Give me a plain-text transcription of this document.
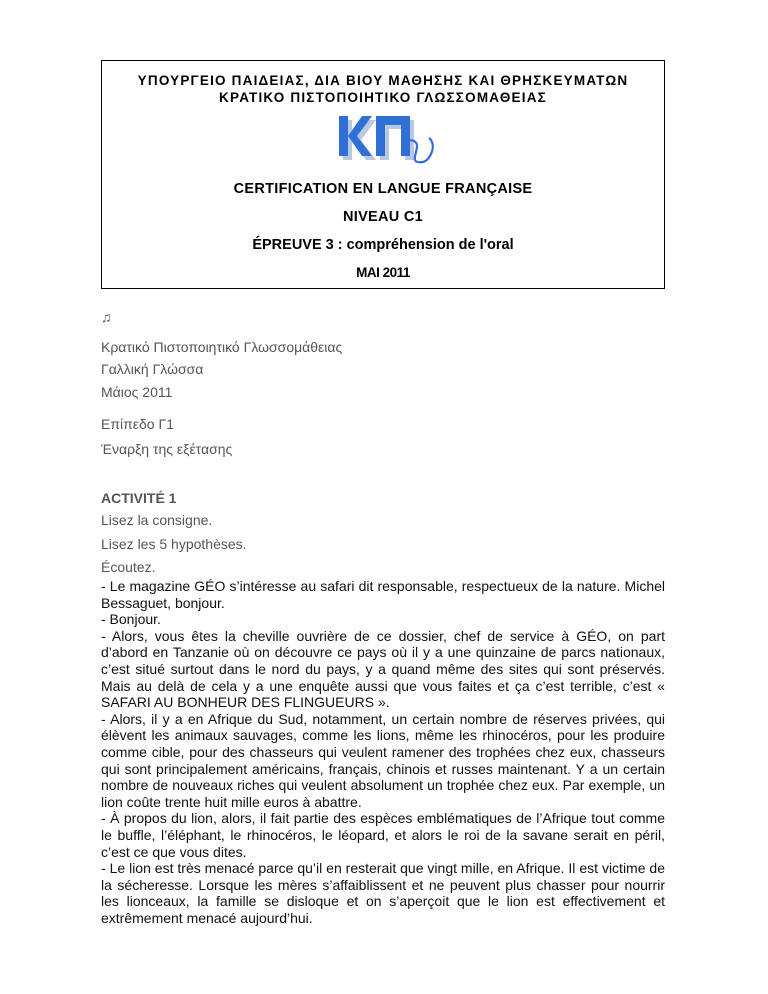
ΥΠΟΥΡΓΕΙΟ ΠΑΙΔΕΙΑΣ, ΔΙΑ ΒΙΟΥ ΜΑΘΗΣΗΣ ΚΑΙ ΘΡΗΣΚΕΥΜΑΤΩΝ
ΚΡΑΤΙΚΟ ΠΙΣΤΟΠΟΙΗΤΙΚΟ ΓΛΩΣΣΟΜΑΘΕΙΑΣ
CERTIFICATION EN LANGUE FRANÇAISE
NIVEAU C1
ÉPREUVE 3 : compréhension de l'oral
MAI 2011
♫
Κρατικό Πιστοποιητικό Γλωσσομάθειας
Γαλλική Γλώσσα
Μάιος 2011
Επίπεδο Γ1
Έναρξη της εξέτασης
ACTIVITÉ 1
Lisez la consigne.
Lisez les 5 hypothèses.
Écoutez.

- Le magazine GÉO s’intéresse au safari dit responsable, respectueux de la nature. Michel Bessaguet, bonjour.

- Bonjour.

- Alors, vous êtes la cheville ouvrière de ce dossier, chef de service à GÉO, on part d’abord en Tanzanie où on découvre ce pays où il y a une quinzaine de parcs nationaux, c’est situé surtout dans le nord du pays, y a quand même des sites qui sont préservés. Mais au delà de cela y a une enquête aussi que vous faites et ça c’est terrible, c’est « SAFARI AU BONHEUR DES FLINGUEURS ».

- Alors, il y a en Afrique du Sud, notamment, un certain nombre de réserves privées, qui élèvent les animaux sauvages, comme les lions, même les rhinocéros, pour les produire comme cible, pour des chasseurs qui veulent ramener des trophées chez eux, chasseurs qui sont principalement américains, français, chinois et russes maintenant. Y a un certain nombre de nouveaux riches qui veulent absolument un trophée chez eux. Par exemple, un lion coûte trente huit mille euros à abattre.

- À propos du lion, alors, il fait partie des espèces emblématiques de l’Afrique tout comme le buffle, l’éléphant, le rhinocéros, le léopard, et alors le roi de la savane serait en péril, c’est ce que vous dites.

- Le lion est très menacé parce qu’il en resterait que vingt mille, en Afrique. Il est victime de la sécheresse. Lorsque les mères s’affaiblissent et ne peuvent plus chasser pour nourrir les lionceaux, la famille se disloque et on s’aperçoit que le lion est effectivement et extrêmement menacé aujourd’hui.
